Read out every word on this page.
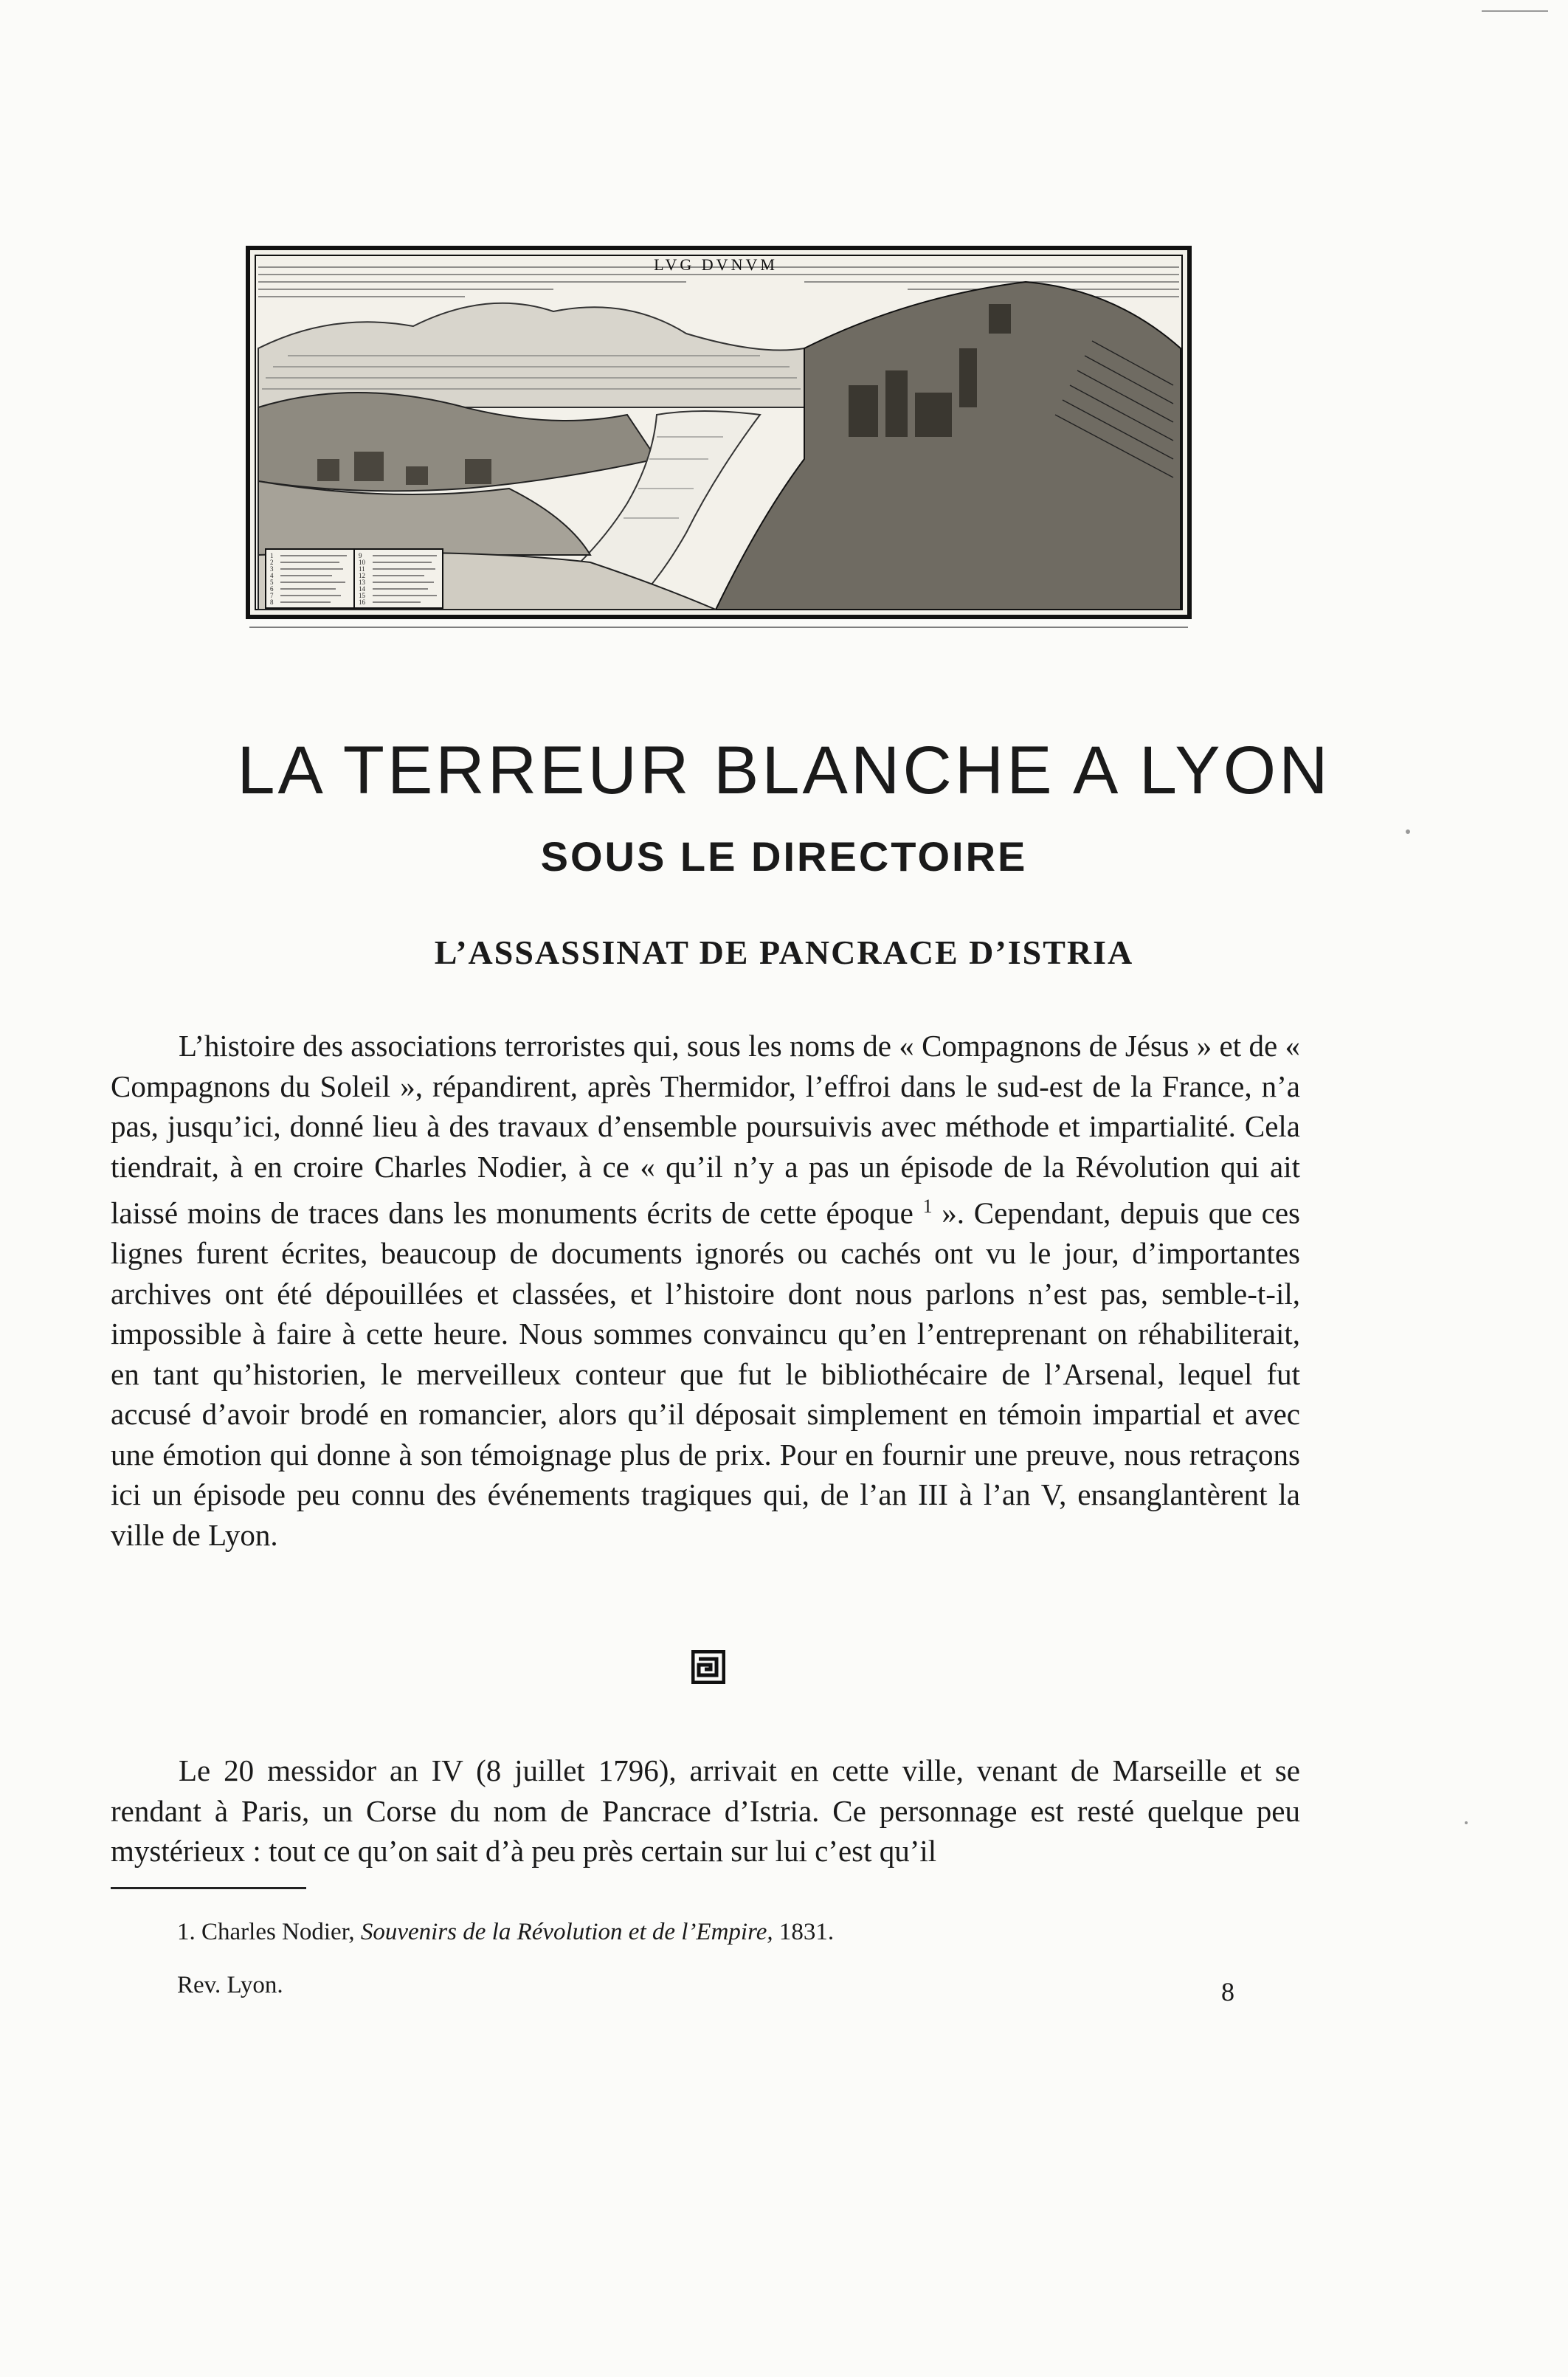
1
2
3
4
5
6
7
8
9
10
11
12
13
14
15
16
LVG DVNVM
LA TERREUR BLANCHE A LYON
SOUS LE DIRECTOIRE
L’ASSASSINAT DE PANCRACE D’ISTRIA

L’histoire des associations terroristes qui, sous les noms de « Compagnons de Jésus » et de « Compagnons du Soleil », répandirent, après Thermidor, l’effroi dans le sud-est de la France, n’a pas, jusqu’ici, donné lieu à des travaux d’ensemble poursuivis avec méthode et impartialité. Cela tiendrait, à en croire Charles Nodier, à ce « qu’il n’y a pas un épisode de la Révolution qui ait laissé moins de traces dans les monuments écrits de cette époque $^1$ ». Cependant, depuis que ces lignes furent écrites, beaucoup de documents ignorés ou cachés ont vu le jour, d’importantes archives ont été dépouillées et classées, et l’histoire dont nous parlons n’est pas, semble-t-il, impossible à faire à cette heure. Nous sommes convaincu qu’en l’entreprenant on réhabiliterait, en tant qu’historien, le merveilleux conteur que fut le bibliothécaire de l’Arsenal, lequel fut accusé d’avoir brodé en romancier, alors qu’il déposait simplement en témoin impartial et avec une émotion qui donne à son témoignage plus de prix. Pour en fournir une preuve, nous retraçons ici un épisode peu connu des événements tragiques qui, de l’an III à l’an V, ensanglantèrent la ville de Lyon.

Le 20 messidor an IV (8 juillet 1796), arrivait en cette ville, venant de Marseille et se rendant à Paris, un Corse du nom de Pancrace d’Istria. Ce personnage est resté quelque peu mystérieux : tout ce qu’on sait d’à peu près certain sur lui c’est qu’il

1. Charles Nodier, Souvenirs de la Révolution et de l’Empire, 1831.

Rev. Lyon.	8
